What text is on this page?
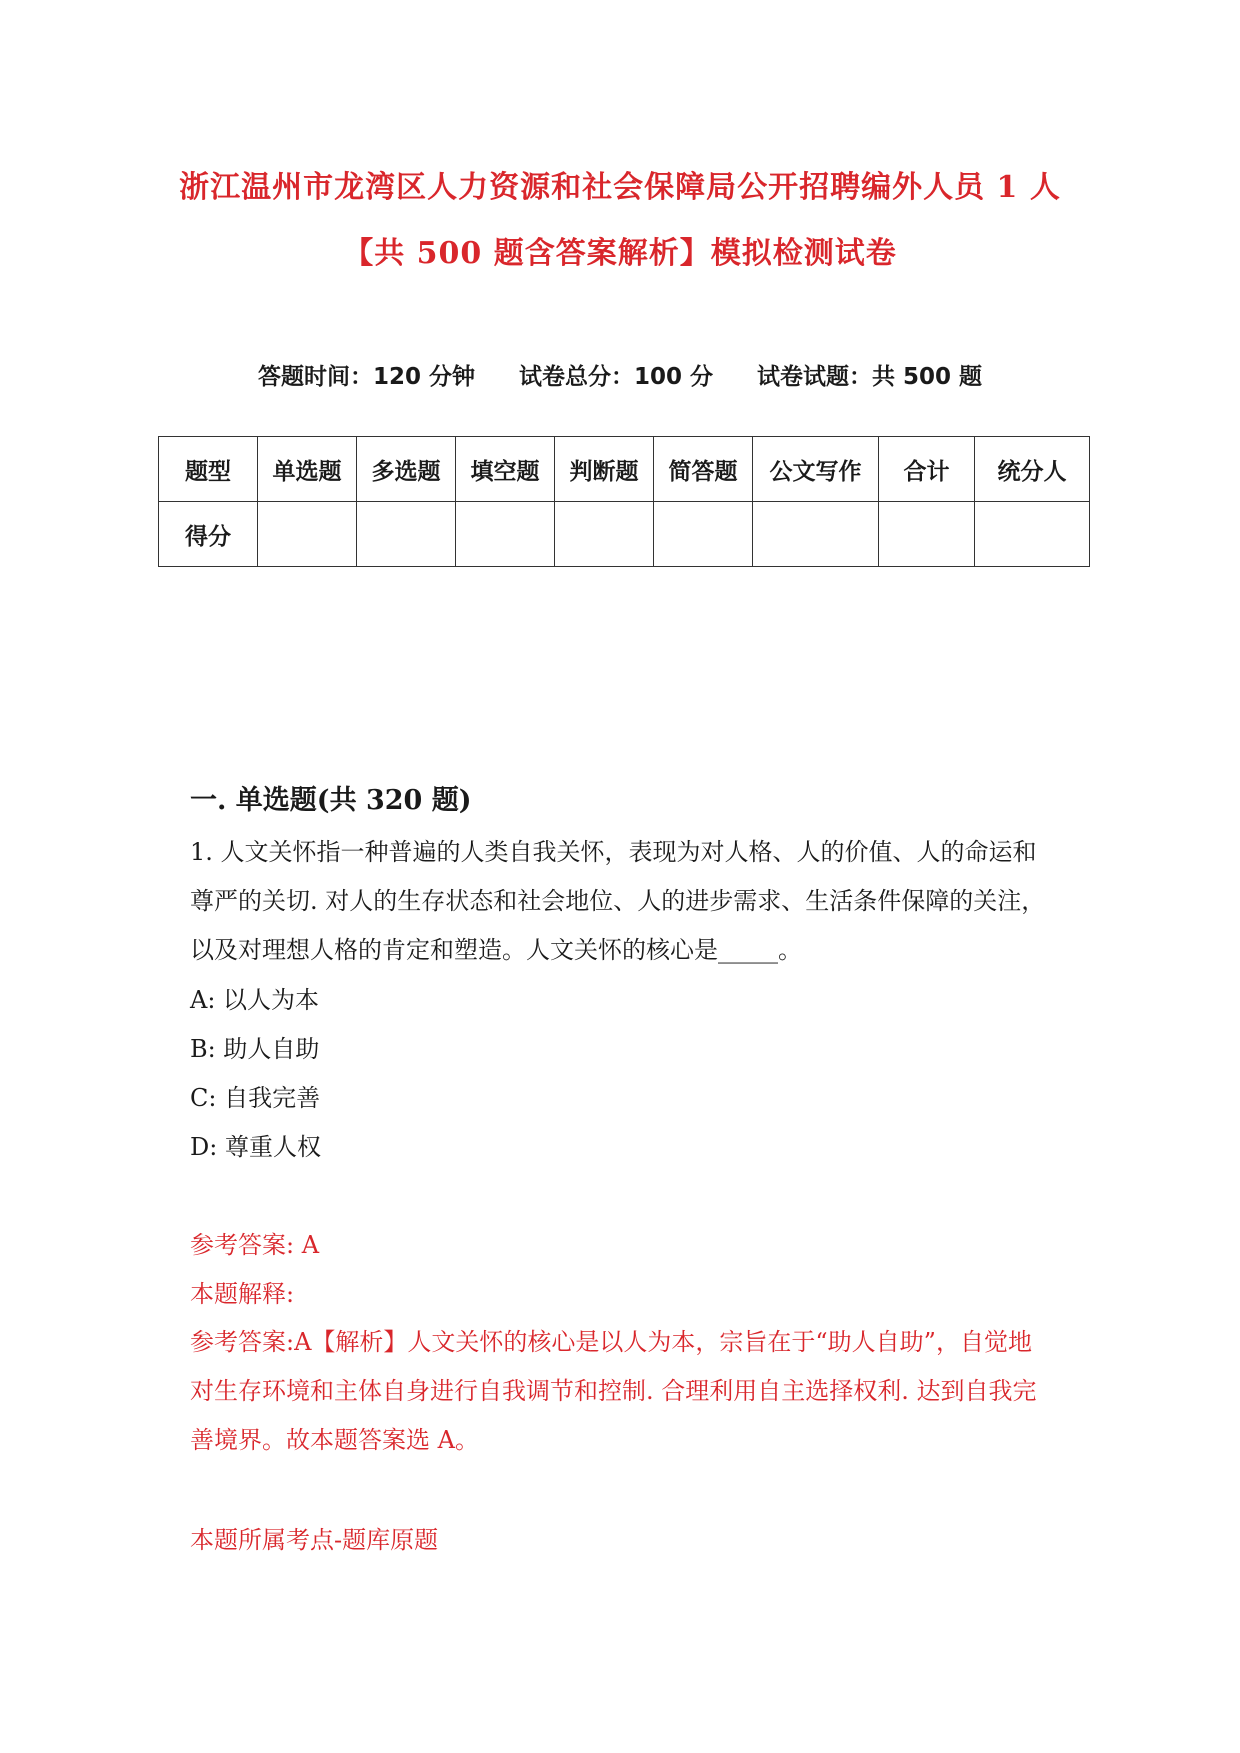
浙江温州市龙湾区人力资源和社会保障局公开招聘编外人员 1 人
【共 500 题含答案解析】模拟检测试卷
答题时间：120 分钟 试卷总分：100 分 试卷试题：共 500 题
题型	单选题	多选题	填空题	判断题	简答题	公文写作	合计	统分人
得分								
一. 单选题(共 320 题)
1. 人文关怀指一种普遍的人类自我关怀，表现为对人格、人的价值、人的命运和尊严的关切. 对人的生存状态和社会地位、人的进步需求、生活条件保障的关注，以及对理想人格的肯定和塑造。人文关怀的核心是_____。
A: 以人为本
B: 助人自助
C: 自我完善
D: 尊重人权
参考答案: A
本题解释:
参考答案:A【解析】人文关怀的核心是以人为本，宗旨在于“助人自助”，自觉地对生存环境和主体自身进行自我调节和控制. 合理利用自主选择权利. 达到自我完善境界。故本题答案选 A。
本题所属考点-题库原题
